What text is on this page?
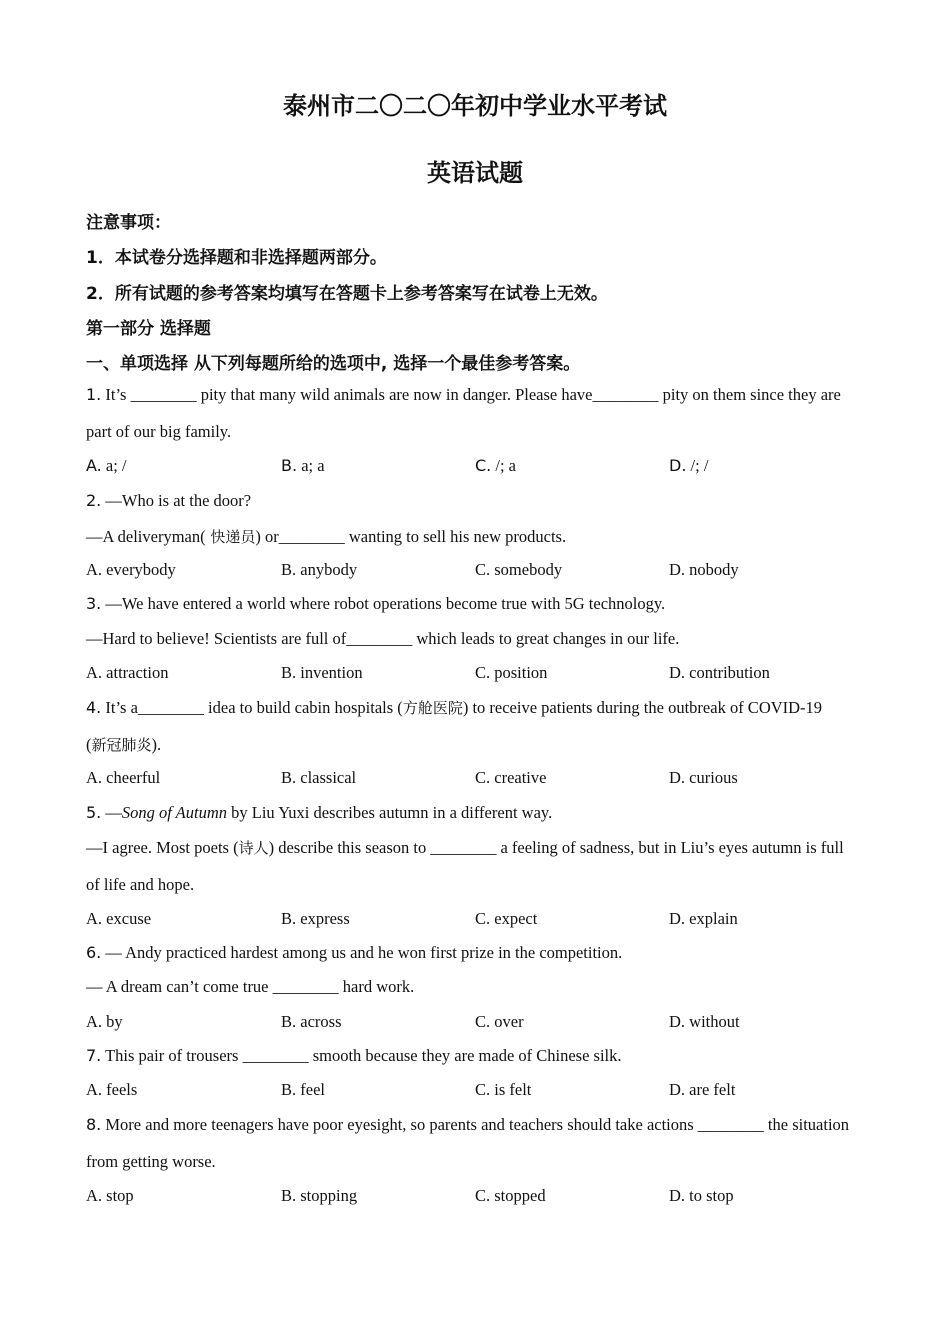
泰州市二〇二〇年初中学业水平考试
英语试题
注意事项：
1．本试卷分选择题和非选择题两部分。
2．所有试题的参考答案均填写在答题卡上参考答案写在试卷上无效。
第一部分 选择题
一、单项选择 从下列每题所给的选项中, 选择一个最佳参考答案。
1. It’s ________ pity that many wild animals are now in danger. Please have________ pity on them since they are
part of our big family.
A. a; /	B. a; a	C. /; a	D. /; /
2. —Who is at the door?
—A deliveryman( 快递员) or________ wanting to sell his new products.
A. everybody	B. anybody	C. somebody	D. nobody
3. —We have entered a world where robot operations become true with 5G technology.
—Hard to believe! Scientists are full of________ which leads to great changes in our life.
A. attraction	B. invention	C. position	D. contribution
4. It’s a________ idea to build cabin hospitals (方舱医院) to receive patients during the outbreak of COVID-19
(新冠肺炎).
A. cheerful	B. classical	C. creative	D. curious
5. —Song of Autumn by Liu Yuxi describes autumn in a different way.
—I agree. Most poets (诗人) describe this season to ________ a feeling of sadness, but in Liu’s eyes autumn is full
of life and hope.
A. excuse	B. express	C. expect	D. explain
6. — Andy practiced hardest among us and he won first prize in the competition.
— A dream can’t come true ________ hard work.
A. by	B. across	C. over	D. without
7. This pair of trousers ________ smooth because they are made of Chinese silk.
A. feels	B. feel	C. is felt	D. are felt
8. More and more teenagers have poor eyesight, so parents and teachers should take actions ________ the situation
from getting worse.
A. stop	B. stopping	C. stopped	D. to stop
